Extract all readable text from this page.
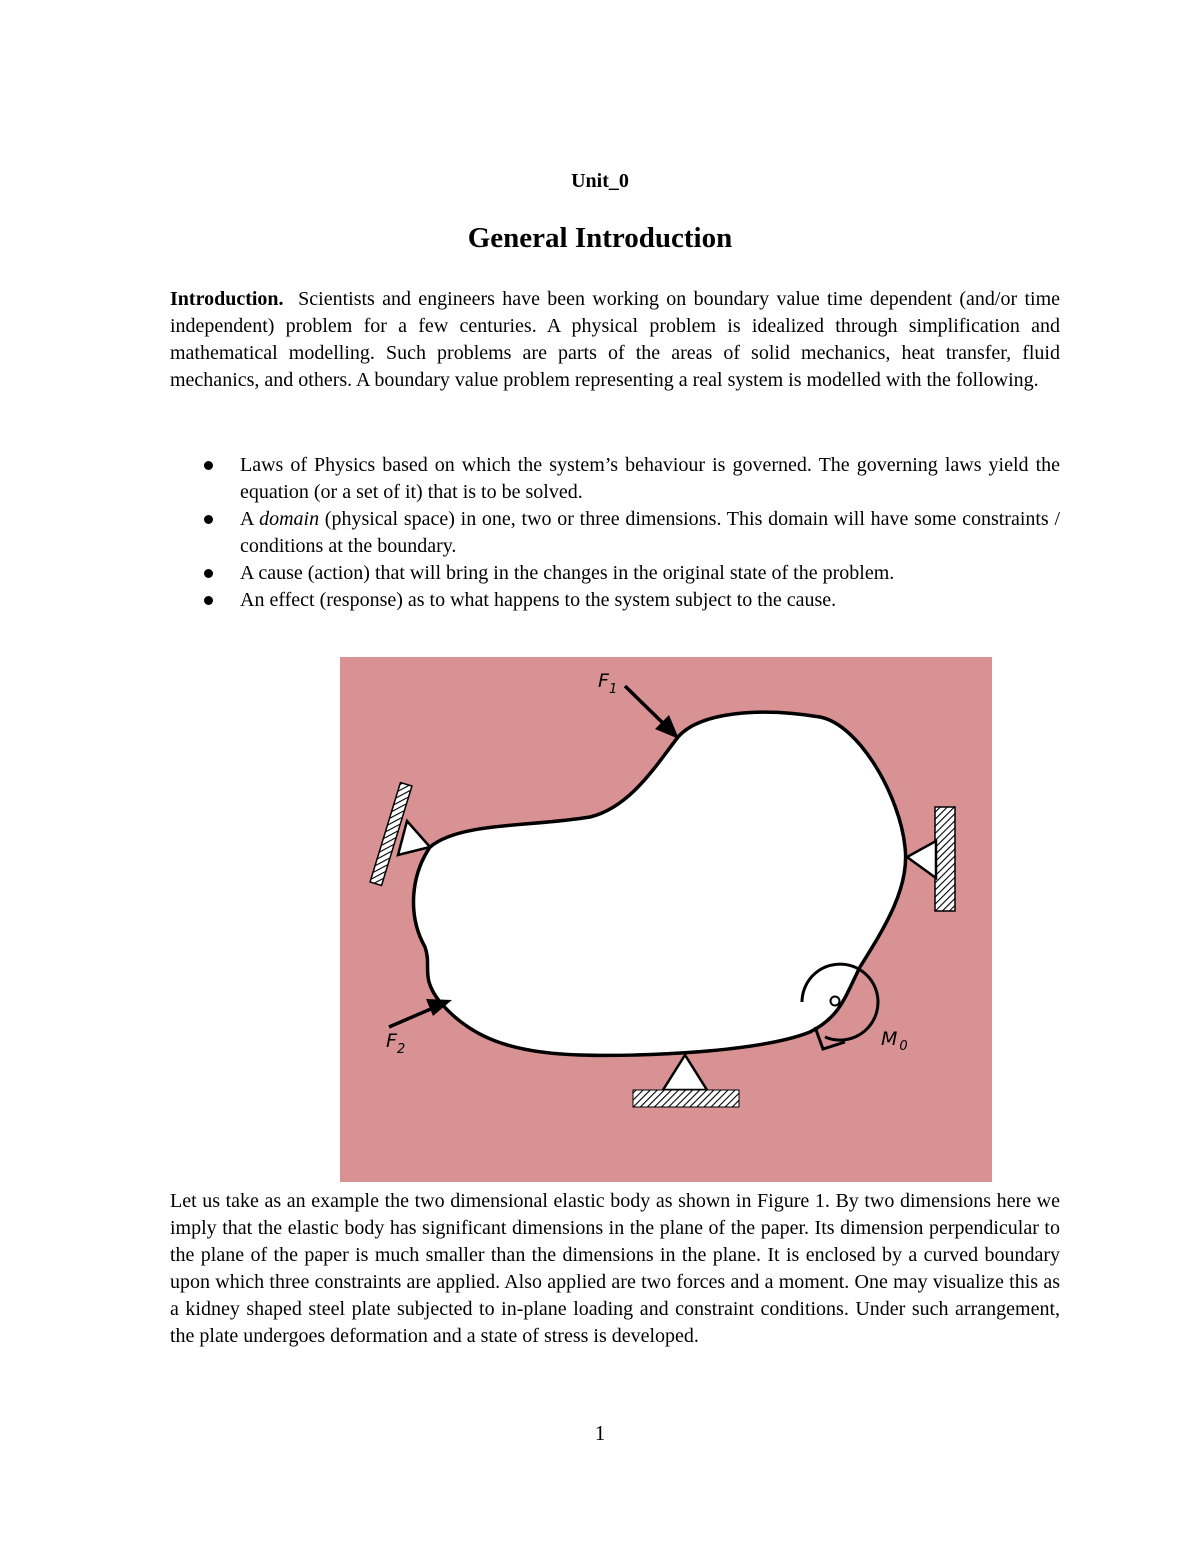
Unit_0
General Introduction

Introduction. Scientists and engineers have been working on boundary value time dependent (and/or time independent) problem for a few centuries. A physical problem is idealized through simplification and mathematical modelling. Such problems are parts of the areas of solid mechanics, heat transfer, fluid mechanics, and others. A boundary value problem representing a real system is modelled with the following.

Laws of Physics based on which the system’s behaviour is governed. The governing laws yield the equation (or a set of it) that is to be solved.
A domain (physical space) in one, two or three dimensions. This domain will have some constraints / conditions at the boundary.
A cause (action) that will bring in the changes in the original state of the problem.
An effect (response) as to what happens to the system subject to the cause.
$F_1$
$F_2$	M $_0$

Let us take as an example the two dimensional elastic body as shown in Figure 1. By two dimensions here we imply that the elastic body has significant dimensions in the plane of the paper. Its dimension perpendicular to the plane of the paper is much smaller than the dimensions in the plane. It is enclosed by a curved boundary upon which three constraints are applied. Also applied are two forces and a moment. One may visualize this as a kidney shaped steel plate subjected to in-plane loading and constraint conditions. Under such arrangement, the plate undergoes deformation and a state of stress is developed.

1
